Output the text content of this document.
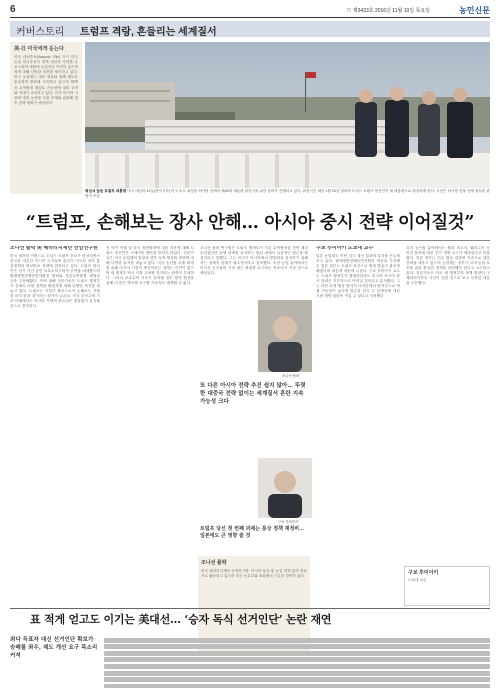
6	⊙ 제3433호 2016년 11월 10일 목요일	농민신문
커버스토리 트럼프 격랑, 흔들리는 세계질서
美-日 미국에게 듣는다
미국 대선후보(Americ Fir) 가시 미국 농업 미국우선의 정책 대선하 가만할 수 요구되며 대를에 농업인들 이견이 있으며 정책 대해 다양한 의견을 제시하고 있다. 미국 농업계는 대선 결과와 함께 새로운 통상정책 변화에 주목하고 있으며 TPP 등 무역협정 재검토 가능성에 대한 우려와 기대가 교차하고 있다. 특히 아시아 시장에 대한 농산물 수출 문제와 관련해 향후 전략 변화가 예상된다.
취임식 앞둔 트럼프 대통령 미국 대선의 11일(현지시각) 미국 수도 워싱턴 의사당 앞에서 제45대 대통령 취임식을 위한 준비가 진행되고 있다. 취임식은 내년 1월 20일 열리며 도널드 트럼프 당선인이 새 대통령으로 취임하게 된다. 사진은 의사당 건물 앞에 설치된 관람석 모습.
“트럼프, 손해보는 장사 안해… 아시아 중시 전략 이어질것”
조나선 플락 美 헤리티지재단 선임연구원
미국 대선의 이변으로 도널드 트럼프 후보가 당선되면서 한국을 비롯한 아시아 국가들의 관심이 미국의 향후 통상정책과 외교안보 전략에 집중되고 있다. 트럼프 당선인은 선거 기간 동안 보호무역주의적 공약을 내세웠으며 환태평양경제동반자협정 탈퇴와 자유무역협정 재협상 등을 주장해왔다. 이에 대해 전문가들은 트럼프 행정부가 실제로 어떤 정책을 펼칠지에 대해 다양한 의견을 내놓고 있다. 트럼프는 사업가 출신으로서 손해보는 거래를 하지 않을 것이라는 평가가 나온다. 미국 우선주의 기조 아래에서도 아시아 지역의 중요성은 변함없이 유지될 것으로 전망된다.
선 약속 이행 및 한국 정책방향에 대한 질문에 대해 트럼프 당선인은 구체적인 방안을 밝히지 않았다. 전문가들은 미국 농업계의 입장과 향후 무역 협상의 방향에 대해 다양한 분석을 내놓고 있다. 미국 농산물 수출 확대를 위해 아시아 시장이 핵심이라는 점에는 이견이 없으며 새 행정부 역시 이를 고려할 것이라는 관측이 우세하다. 그러나 보호무역 기조가 강화될 경우 양자 협상을 통해 더 많은 양보를 요구할 가능성도 배제할 수 없다.
조나선 플락 연구원은 트럼프 행정부가 기존 무역협정을 전면 재검토하겠지만 동맹 관계를 유지하는 범위 내에서 실용적인 접근을 할 것이라고 말했다. 그는 미국이 아시아에서 영향력을 유지하기 위해서는 경제적 관계가 필수적이라고 강조했다. 또한 농업 분야에서는 미국산 농산물의 시장 접근 확대를 요구하는 목소리가 커질 것으로 예상된다.
조나선 플락
또 다른 아시아 전략 추진 쉽지 않아… 뚜렷한 대중국 전략 없이는 세계질서 혼란 지속 가능성 크다
구보 후미아키
트럼프 당선 첫 번째 과제는 통상 정책 재정비… 일본에도 큰 영향 줄 것
조나선 플락
미국 헤리티지재단 선임연구원. 아시아 통상 및 농업 정책 분야 전문가로 활동하고 있으며 미국 농무부와 의회에서 근무한 경력이 있다.
구보 후미아키 도쿄대 교수
일본 농업계도 이번 미국 대선 결과에 촉각을 곤두세우고 있다. 환태평양경제동반자협정 비준을 추진해온 일본 정부는 트럼프 당선으로 협정 발효가 불투명해졌다며 대응책 마련에 나섰다. 구보 후미아키 교수는 트럼프 행정부가 출범하더라도 미국의 아시아 중시 전략은 기본적으로 이어질 것이라고 분석했다. 그는 다만 무역 협상 방식이 다자간에서 양자간으로 바뀔 가능성이 높다며 일본과 한국 등 동맹국에 대한 시장 개방 압력이 커질 수 있다고 지적했다.
특히 농산물 분야에서는 쌀과 쇠고기, 돼지고기 등 민감 품목에 대한 추가 개방 요구가 예상된다고 덧붙였다. 일본 정부는 기존 협상 결과를 기준으로 대응 전략을 세우고 있으며 농업계는 정부가 국내 농업 보호를 위한 확실한 대책을 마련해야 한다고 요구하고 있다. 전문가들은 미국 새 행정부의 정책 방향이 구체화되기까지 시간이 걸릴 것으로 보고 신중한 대응을 주문했다.
구보 후미아키
도쿄대 교수
표 적게 얻고도 이기는 美대선… ‘승자 독식 선거인단’ 논란 재연
최다 득표자 대신 선거인단 확보가 승패를 좌우, 제도 개선 요구 목소리 커져
